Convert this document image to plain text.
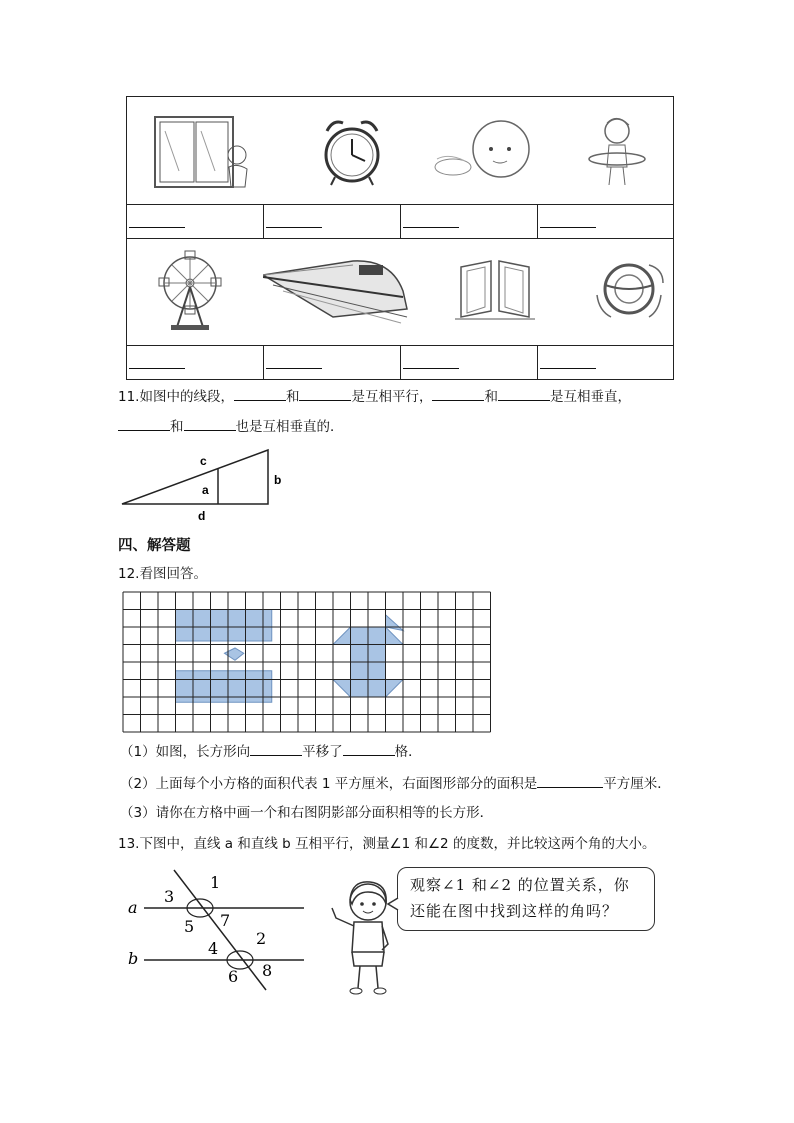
11.如图中的线段，	和	是互相平行，	和	是互相垂直，
和	也是互相垂直的．
c
a
b
d
四、解答题
12.看图回答。
（1）如图，长方形向	平移了	格．
（2）上面每个小方格的面积代表 1 平方厘米，右面图形部分的面积是	平方厘米．
（3）请你在方格中画一个和右图阴影部分面积相等的长方形．
13.下图中，直线 a 和直线 b 互相平行，测量∠1 和∠2 的度数，并比较这两个角的大小。
a
b
1
3
7
5
2
4
6 8
观察∠1 和∠2 的位置关系，你
还能在图中找到这样的角吗？
